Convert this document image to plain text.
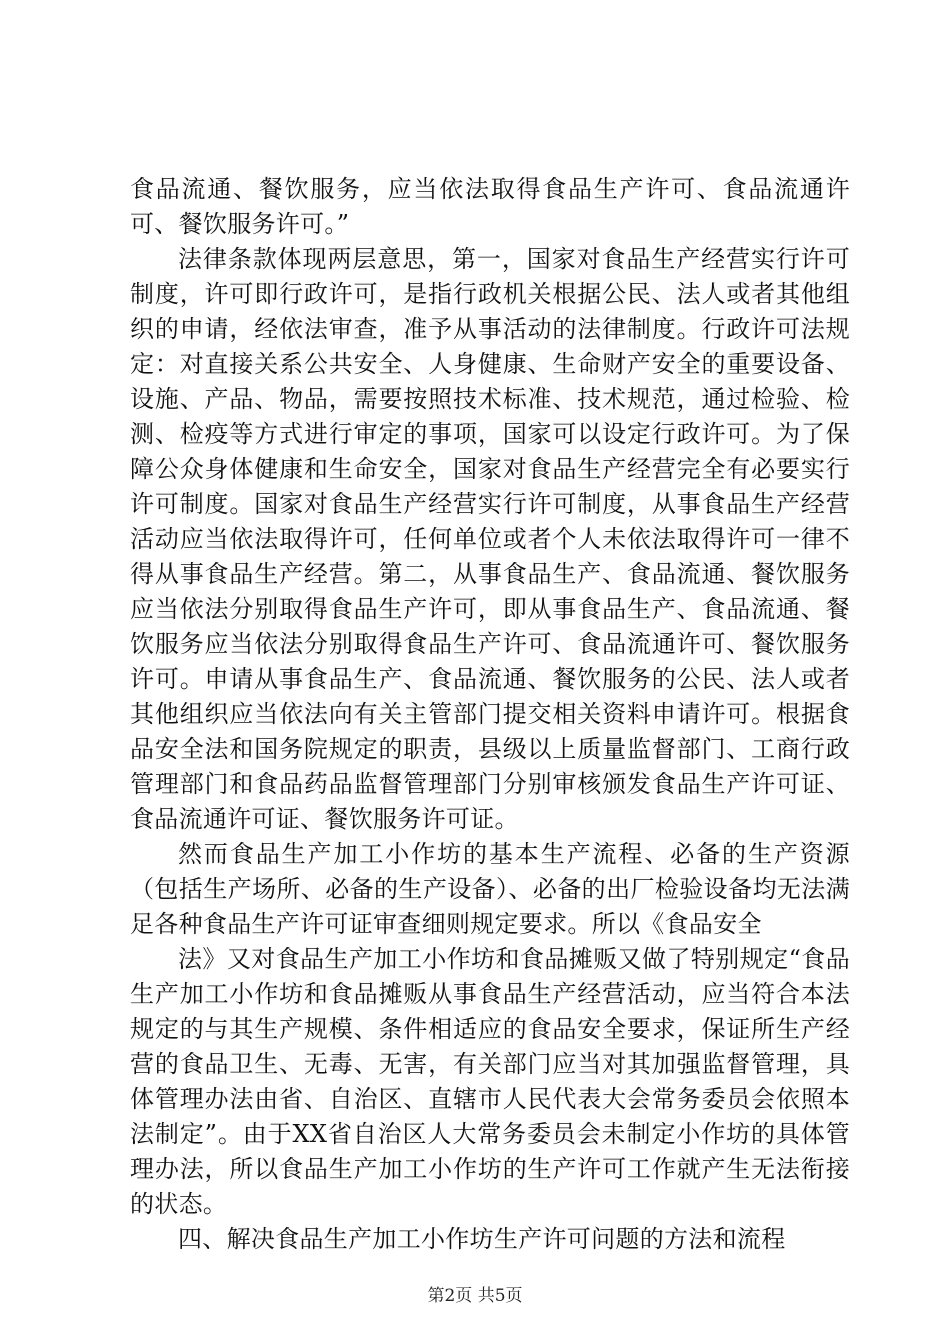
食品流通、餐饮服务，应当依法取得食品生产许可、食品流通许可、餐饮服务许可。”

法律条款体现两层意思，第一，国家对食品生产经营实行许可制度，许可即行政许可，是指行政机关根据公民、法人或者其他组织的申请，经依法审查，准予从事活动的法律制度。行政许可法规定：对直接关系公共安全、人身健康、生命财产安全的重要设备、设施、产品、物品，需要按照技术标准、技术规范，通过检验、检测、检疫等方式进行审定的事项，国家可以设定行政许可。为了保障公众身体健康和生命安全，国家对食品生产经营完全有必要实行许可制度。国家对食品生产经营实行许可制度，从事食品生产经营活动应当依法取得许可，任何单位或者个人未依法取得许可一律不得从事食品生产经营。第二，从事食品生产、食品流通、餐饮服务应当依法分别取得食品生产许可，即从事食品生产、食品流通、餐饮服务应当依法分别取得食品生产许可、食品流通许可、餐饮服务许可。申请从事食品生产、食品流通、餐饮服务的公民、法人或者其他组织应当依法向有关主管部门提交相关资料申请许可。根据食品安全法和国务院规定的职责，县级以上质量监督部门、工商行政管理部门和食品药品监督管理部门分别审核颁发食品生产许可证、食品流通许可证、餐饮服务许可证。

然而食品生产加工小作坊的基本生产流程、必备的生产资源（包括生产场所、必备的生产设备）、必备的出厂检验设备均无法满足各种食品生产许可证审查细则规定要求。所以《食品安全

法》又对食品生产加工小作坊和食品摊贩又做了特别规定“食品生产加工小作坊和食品摊贩从事食品生产经营活动，应当符合本法规定的与其生产规模、条件相适应的食品安全要求，保证所生产经营的食品卫生、无毒、无害，有关部门应当对其加强监督管理，具体管理办法由省、自治区、直辖市人民代表大会常务委员会依照本法制定”。由于XX省自治区人大常务委员会未制定小作坊的具体管理办法，所以食品生产加工小作坊的生产许可工作就产生无法衔接的状态。

四、解决食品生产加工小作坊生产许可问题的方法和流程

第2页 共5页
